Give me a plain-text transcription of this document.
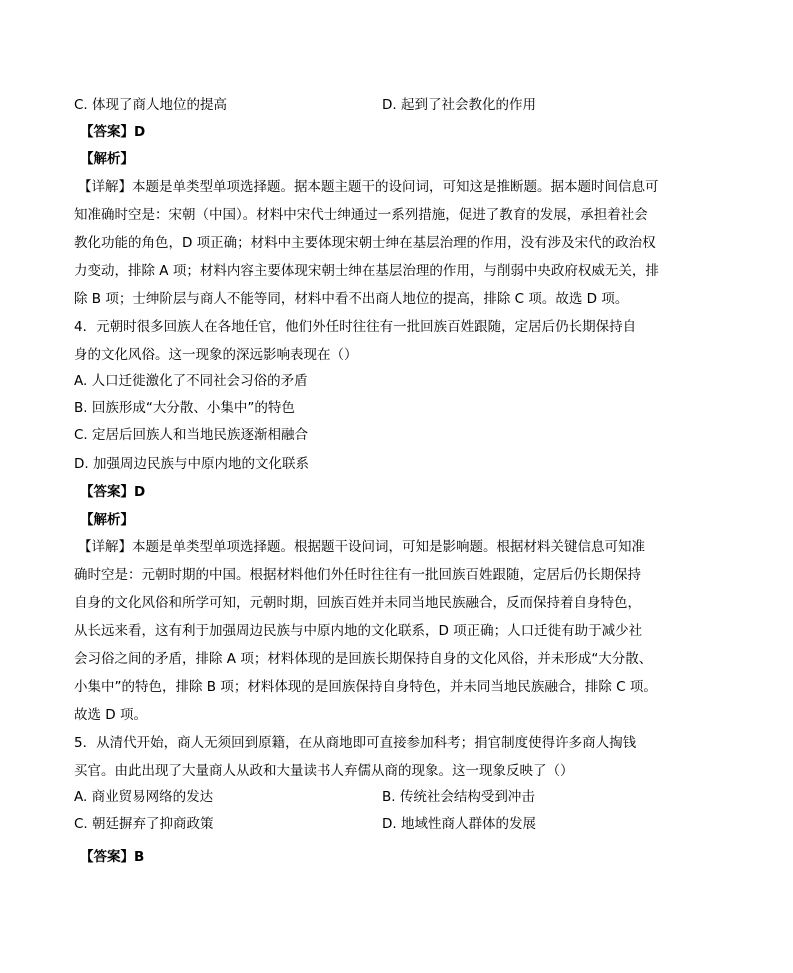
C. 体现了商人地位的提高	D. 起到了社会教化的作用
【答案】D
【解析】
【详解】本题是单类型单项选择题。据本题主题干的设问词，可知这是推断题。据本题时间信息可
知准确时空是：宋朝（中国）。材料中宋代士绅通过一系列措施，促进了教育的发展，承担着社会
教化功能的角色，D 项正确；材料中主要体现宋朝士绅在基层治理的作用，没有涉及宋代的政治权
力变动，排除 A 项；材料内容主要体现宋朝士绅在基层治理的作用，与削弱中央政府权威无关，排
除 B 项；士绅阶层与商人不能等同，材料中看不出商人地位的提高，排除 C 项。故选 D 项。
4．元朝时很多回族人在各地任官，他们外任时往往有一批回族百姓跟随，定居后仍长期保持自
身的文化风俗。这一现象的深远影响表现在（）
A. 人口迁徙激化了不同社会习俗的矛盾
B. 回族形成“大分散、小集中”的特色
C. 定居后回族人和当地民族逐渐相融合
D. 加强周边民族与中原内地的文化联系
【答案】D
【解析】
【详解】本题是单类型单项选择题。根据题干设问词，可知是影响题。根据材料关键信息可知准
确时空是：元朝时期的中国。根据材料他们外任时往往有一批回族百姓跟随，定居后仍长期保持
自身的文化风俗和所学可知，元朝时期，回族百姓并未同当地民族融合，反而保持着自身特色，
从长远来看，这有利于加强周边民族与中原内地的文化联系，D 项正确；人口迁徙有助于减少社
会习俗之间的矛盾，排除 A 项；材料体现的是回族长期保持自身的文化风俗，并未形成“大分散、
小集中”的特色，排除 B 项；材料体现的是回族保持自身特色，并未同当地民族融合，排除 C 项。
故选 D 项。
5．从清代开始，商人无须回到原籍，在从商地即可直接参加科考；捐官制度使得许多商人掏钱
买官。由此出现了大量商人从政和大量读书人弃儒从商的现象。这一现象反映了（）
A. 商业贸易网络的发达	B. 传统社会结构受到冲击
C. 朝廷摒弃了抑商政策	D. 地域性商人群体的发展
【答案】B
